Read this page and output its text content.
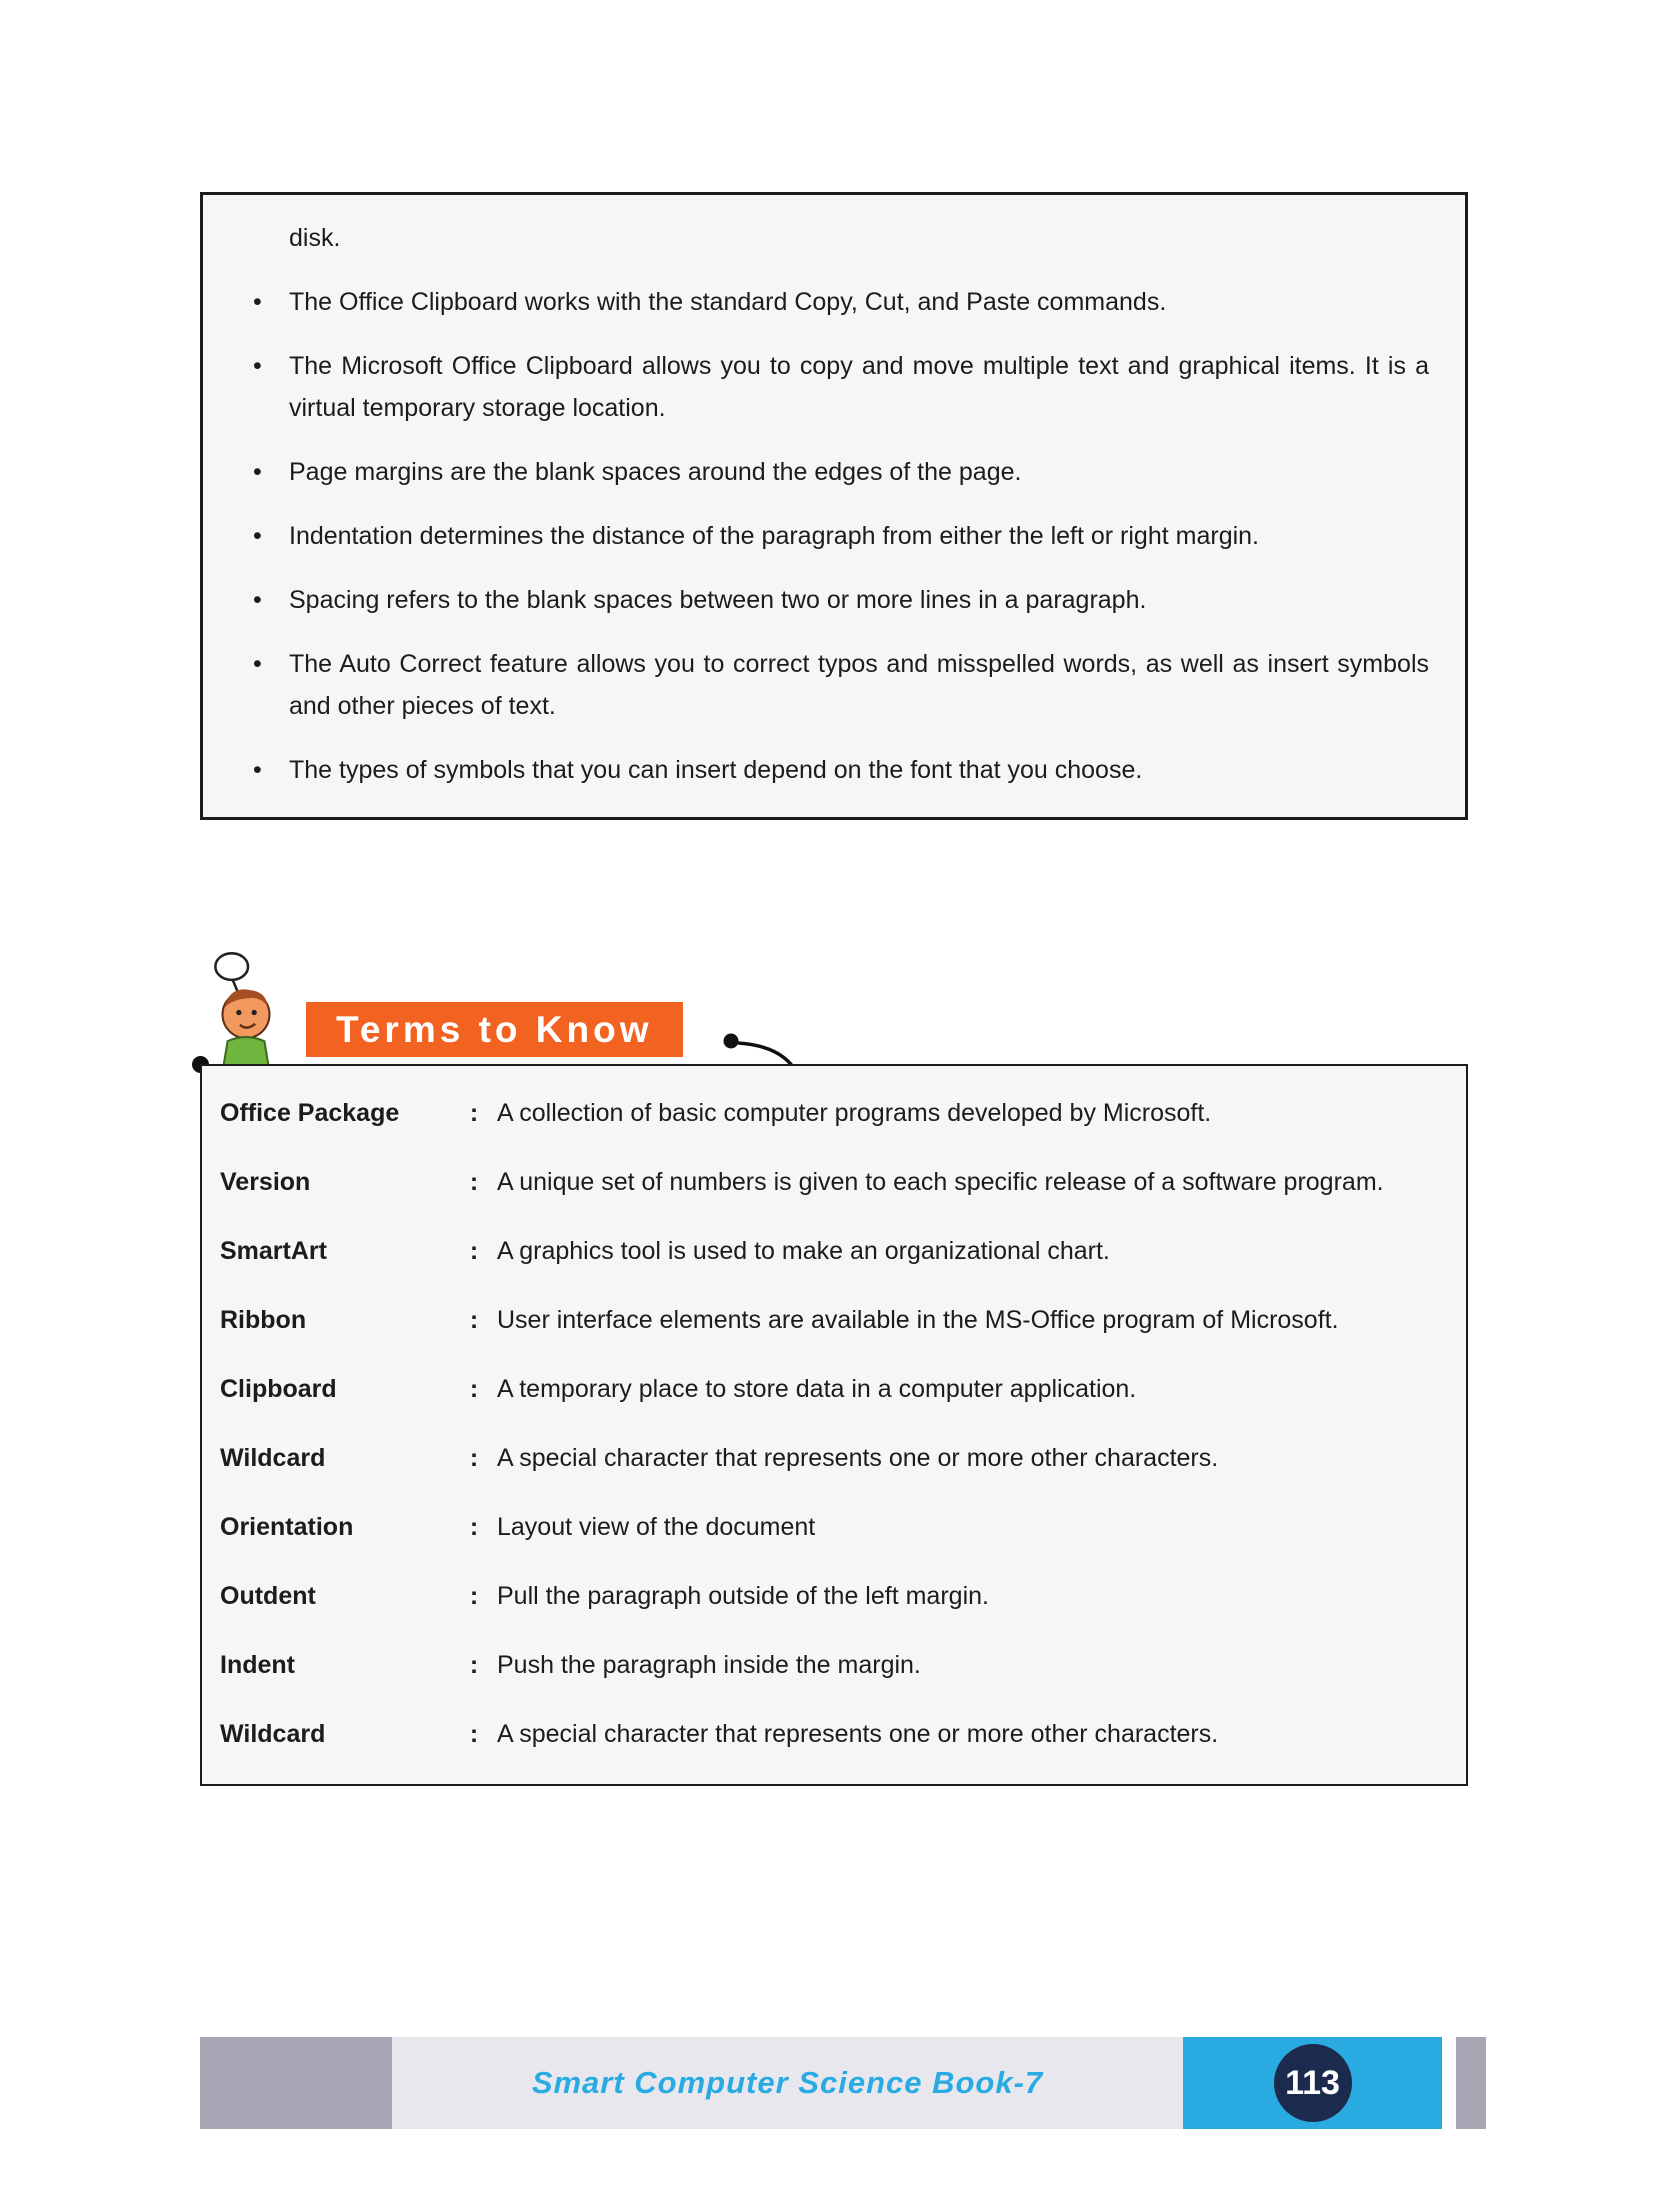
disk.

•	The Office Clipboard works with the standard Copy, Cut, and Paste commands.

•	The Microsoft Office Clipboard allows you to copy and move multiple text and graphical items. It is a virtual temporary storage location.

•	Page margins are the blank spaces around the edges of the page.

•	Indentation determines the distance of the paragraph from either the left or right margin.

•	Spacing refers to the blank spaces between two or more lines in a paragraph.

•	The Auto Correct feature allows you to correct typos and misspelled words, as well as insert symbols and other pieces of text.

•	The types of symbols that you can insert depend on the font that you choose.

Terms to Know
Office Package	: A collection of basic computer programs developed by Microsoft.

Version	: A unique set of numbers is given to each specific release of a software program.

SmartArt	: A graphics tool is used to make an organizational chart.

Ribbon	: User interface elements are available in the MS-Office program of Microsoft.

Clipboard	: A temporary place to store data in a computer application.

Wildcard	: A special character that represents one or more other characters.

Orientation	: Layout view of the document

Outdent	: Pull the paragraph outside of the left margin.

Indent	: Push the paragraph inside the margin.

Wildcard	: A special character that represents one or more other characters.

Smart Computer Science Book-7	113
